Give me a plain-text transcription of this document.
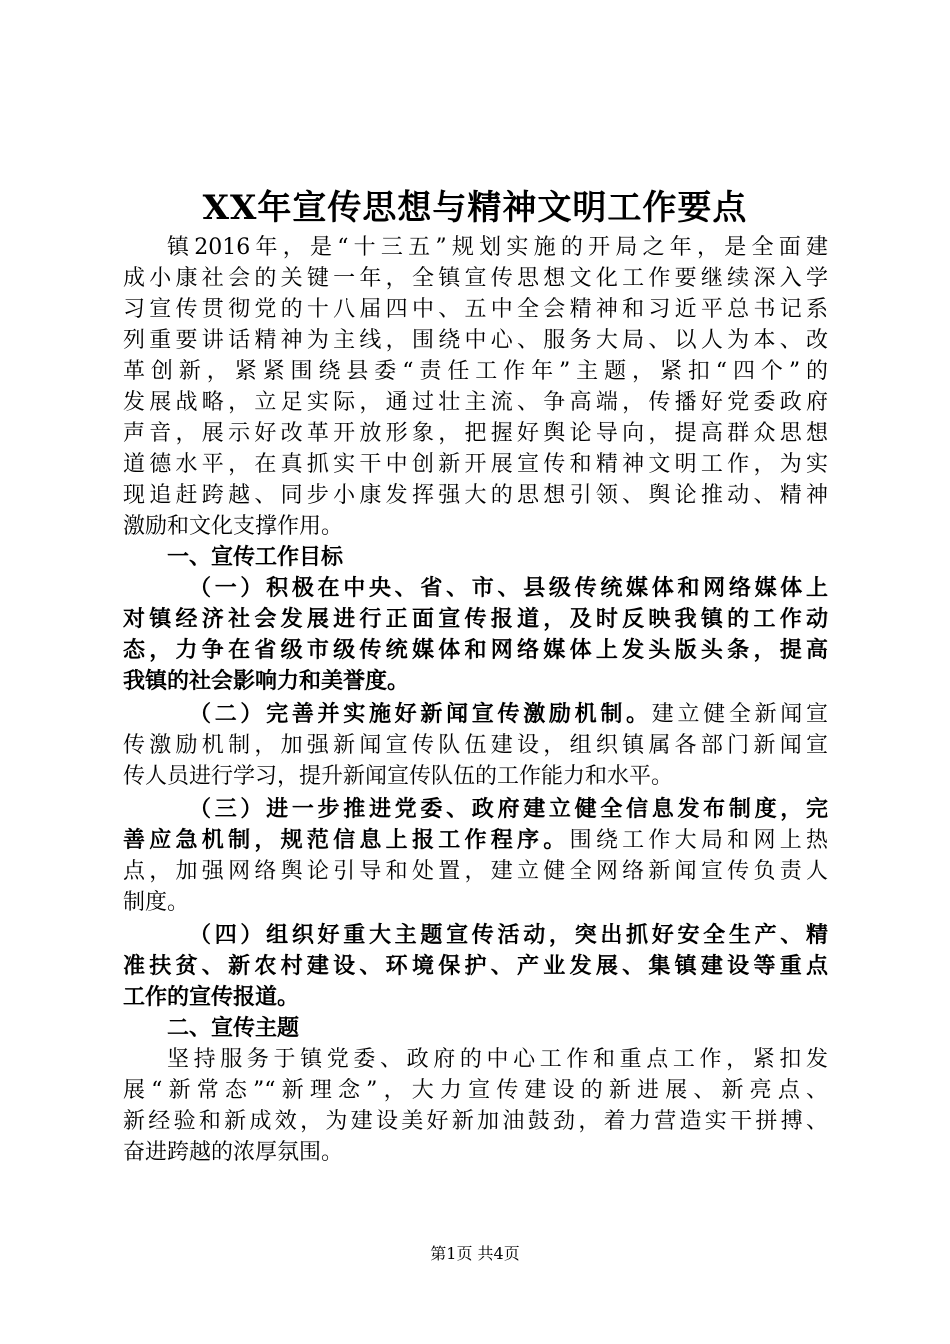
XX年宣传思想与精神文明工作要点
镇2016年，是“十三五”规划实施的开局之年，是全面建
成小康社会的关键一年，全镇宣传思想文化工作要继续深入学
习宣传贯彻党的十八届四中、五中全会精神和习近平总书记系
列重要讲话精神为主线，围绕中心、服务大局、以人为本、改
革创新，紧紧围绕县委“责任工作年”主题，紧扣“四个”的
发展战略，立足实际，通过壮主流、争高端，传播好党委政府
声音，展示好改革开放形象，把握好舆论导向，提高群众思想
道德水平，在真抓实干中创新开展宣传和精神文明工作，为实
现追赶跨越、同步小康发挥强大的思想引领、舆论推动、精神
激励和文化支撑作用。
一、宣传工作目标
（一）积极在中央、省、市、县级传统媒体和网络媒体上
对镇经济社会发展进行正面宣传报道，及时反映我镇的工作动
态，力争在省级市级传统媒体和网络媒体上发头版头条，提高
我镇的社会影响力和美誉度。
（二）完善并实施好新闻宣传激励机制。建立健全新闻宣
传激励机制，加强新闻宣传队伍建设，组织镇属各部门新闻宣
传人员进行学习，提升新闻宣传队伍的工作能力和水平。
（三）进一步推进党委、政府建立健全信息发布制度，完
善应急机制，规范信息上报工作程序。围绕工作大局和网上热
点，加强网络舆论引导和处置，建立健全网络新闻宣传负责人
制度。
（四）组织好重大主题宣传活动，突出抓好安全生产、精
准扶贫、新农村建设、环境保护、产业发展、集镇建设等重点
工作的宣传报道。
二、宣传主题
坚持服务于镇党委、政府的中心工作和重点工作，紧扣发
展“新常态”“新理念”，大力宣传建设的新进展、新亮点、
新经验和新成效，为建设美好新加油鼓劲，着力营造实干拼搏、
奋进跨越的浓厚氛围。
第1页 共4页
